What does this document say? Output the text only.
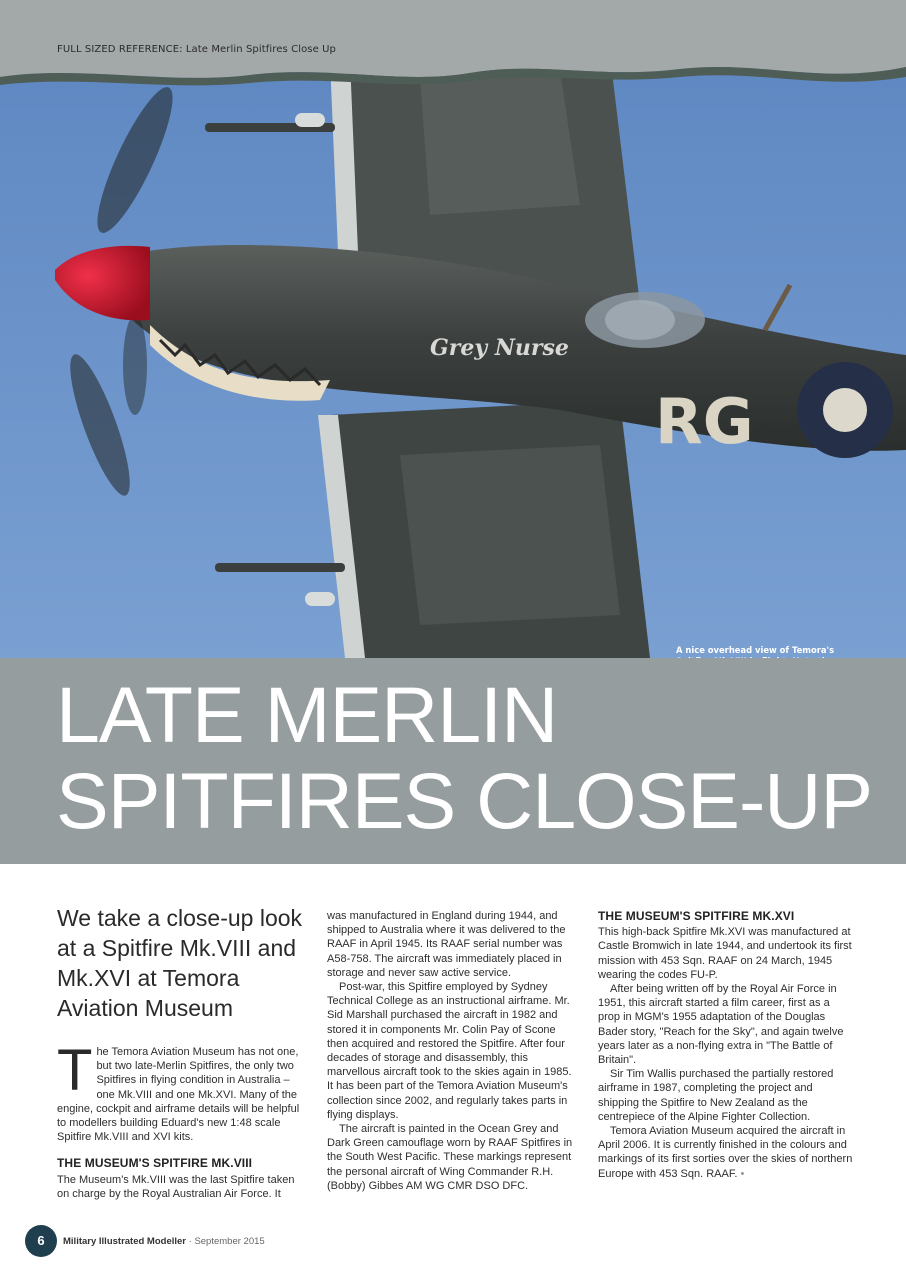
RG
Grey Nurse
A nice overhead view of Temora's
FULL SIZED REFERENCE: Late Merlin Spitfires Close Up
LATE MERLIN
SPITFIRES CLOSE-UP
We take a close-up look at a Spitfire Mk.VIII and Mk.XVI at Temora Aviation Museum

The Temora Aviation Museum has not one, but two late-Merlin Spitfires, the only two Spitfires in flying condition in Australia – one Mk.VIII and one Mk.XVI. Many of the engine, cockpit and airframe details will be helpful to modellers building Eduard's new 1:48 scale Spitfire Mk.VIII and XVI kits.

THE MUSEUM'S SPITFIRE MK.VIII

The Museum's Mk.VIII was the last Spitfire taken on charge by the Royal Australian Air Force. It

was manufactured in England during 1944, and shipped to Australia where it was delivered to the RAAF in April 1945. Its RAAF serial number was A58-758. The aircraft was immediately placed in storage and never saw active service.

Post-war, this Spitfire employed by Sydney Technical College as an instructional airframe. Mr. Sid Marshall purchased the aircraft in 1982 and stored it in components Mr. Colin Pay of Scone then acquired and restored the Spitfire. After four decades of storage and disassembly, this marvellous aircraft took to the skies again in 1985. It has been part of the Temora Aviation Museum's collection since 2002, and regularly takes parts in flying displays.

The aircraft is painted in the Ocean Grey and Dark Green camouflage worn by RAAF Spitfires in the South West Pacific. These markings represent the personal aircraft of Wing Commander R.H. (Bobby) Gibbes AM WG CMR DSO DFC.

THE MUSEUM'S SPITFIRE MK.XVI

This high-back Spitfire Mk.XVI was manufactured at Castle Bromwich in late 1944, and undertook its first mission with 453 Sqn. RAAF on 24 March, 1945 wearing the codes FU-P.

After being written off by the Royal Air Force in 1951, this aircraft started a film career, first as a prop in MGM's 1955 adaptation of the Douglas Bader story, "Reach for the Sky", and again twelve years later as a non-flying extra in "The Battle of Britain".

Sir Tim Wallis purchased the partially restored airframe in 1987, completing the project and shipping the Spitfire to New Zealand as the centrepiece of the Alpine Fighter Collection.

Temora Aviation Museum acquired the aircraft in April 2006. It is currently finished in the colours and markings of its first sorties over the skies of northern Europe with 453 Sqn. RAAF. •

6	Military Illustrated Modeller · September 2015
